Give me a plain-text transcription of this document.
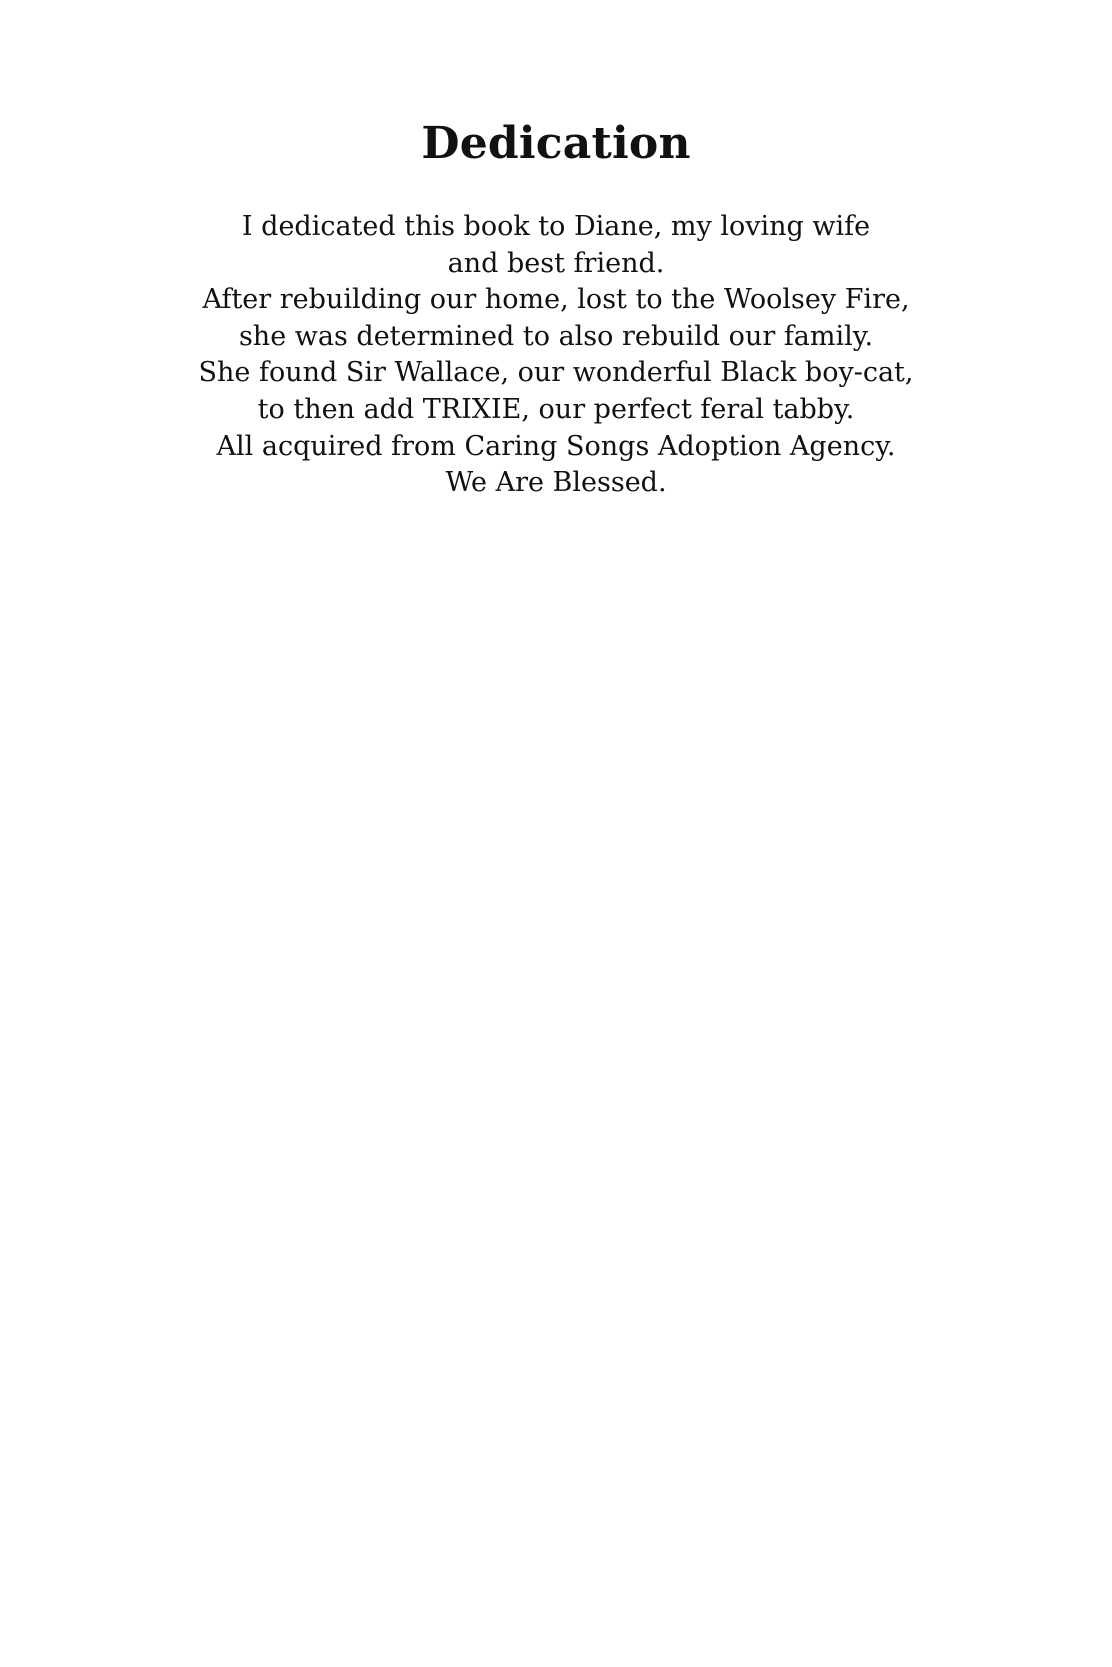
Dedication
I dedicated this book to Diane, my loving wife
and best friend.
After rebuilding our home, lost to the Woolsey Fire,
she was determined to also rebuild our family.
She found Sir Wallace, our wonderful Black boy-cat,
to then add TRIXIE, our perfect feral tabby.
All acquired from Caring Songs Adoption Agency.
We Are Blessed.
